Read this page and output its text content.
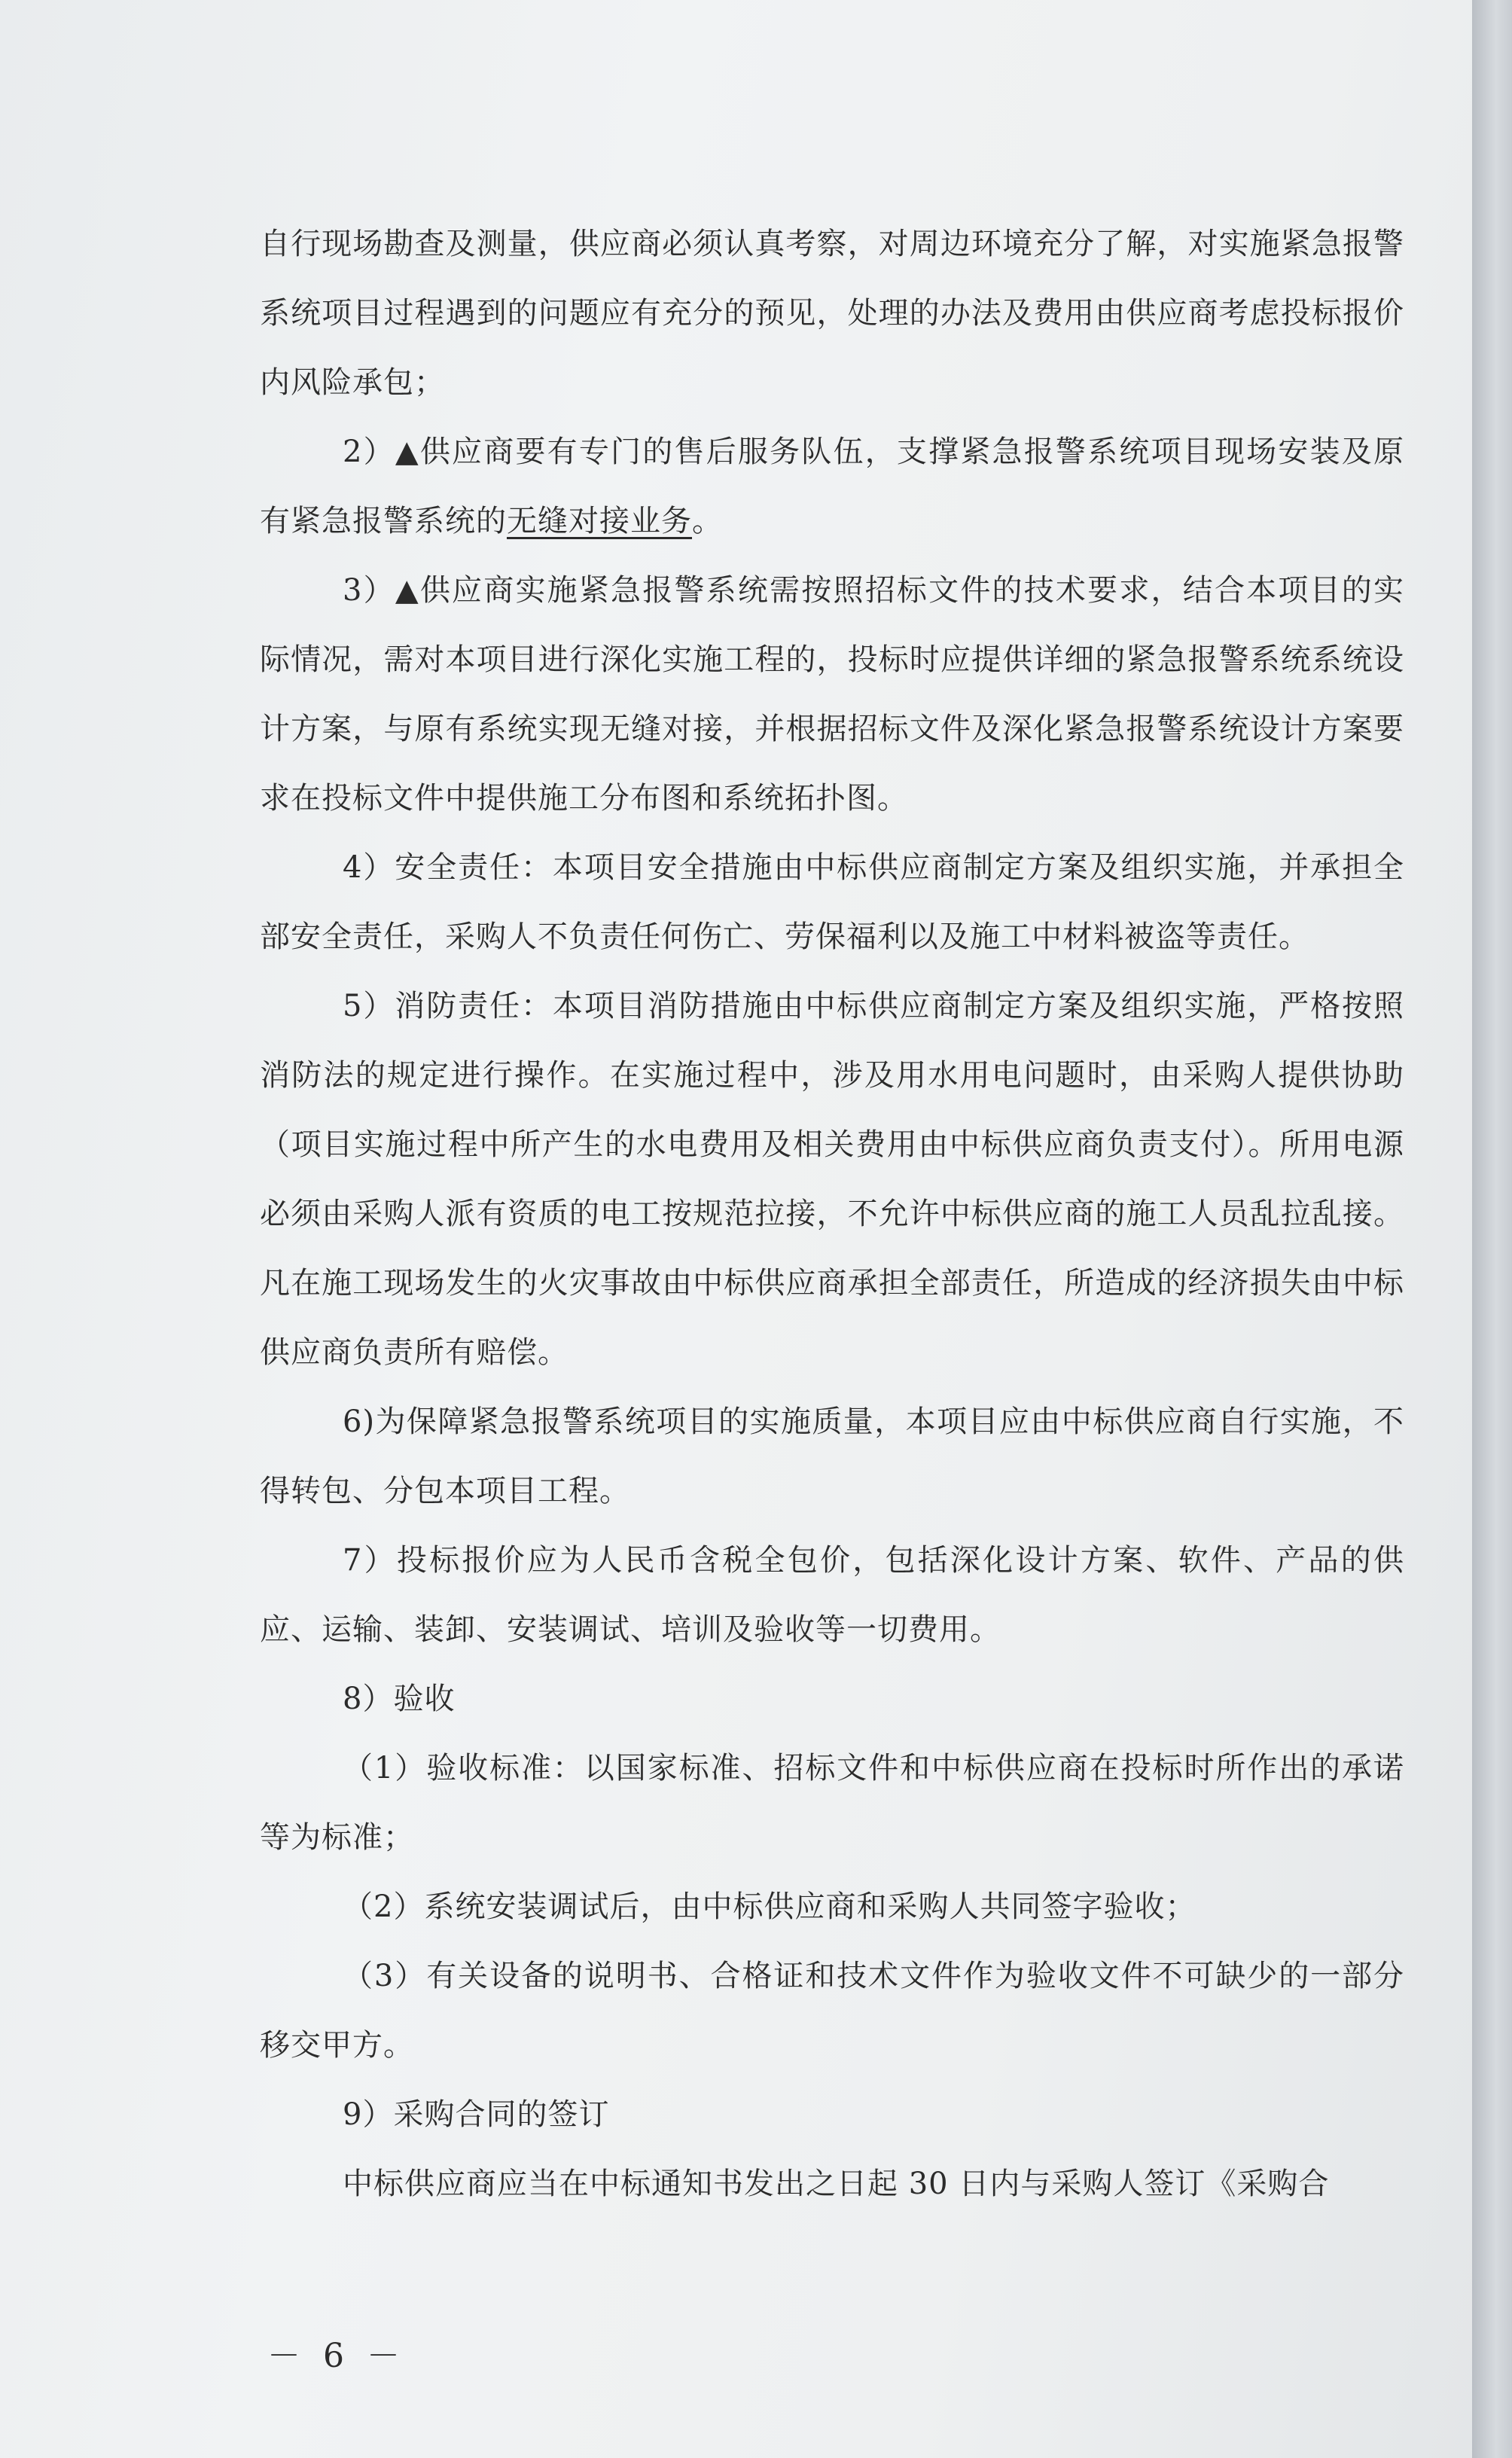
自行现场勘查及测量，供应商必须认真考察，对周边环境充分了解，对实施紧急报警系统项目过程遇到的问题应有充分的预见，处理的办法及费用由供应商考虑投标报价内风险承包；

2）▲供应商要有专门的售后服务队伍，支撑紧急报警系统项目现场安装及原有紧急报警系统的无缝对接业务。

3）▲供应商实施紧急报警系统需按照招标文件的技术要求，结合本项目的实际情况，需对本项目进行深化实施工程的，投标时应提供详细的紧急报警系统系统设计方案，与原有系统实现无缝对接，并根据招标文件及深化紧急报警系统设计方案要求在投标文件中提供施工分布图和系统拓扑图。

4）安全责任：本项目安全措施由中标供应商制定方案及组织实施，并承担全部安全责任，采购人不负责任何伤亡、劳保福利以及施工中材料被盗等责任。

5）消防责任：本项目消防措施由中标供应商制定方案及组织实施，严格按照消防法的规定进行操作。在实施过程中，涉及用水用电问题时，由采购人提供协助（项目实施过程中所产生的水电费用及相关费用由中标供应商负责支付）。所用电源必须由采购人派有资质的电工按规范拉接，不允许中标供应商的施工人员乱拉乱接。凡在施工现场发生的火灾事故由中标供应商承担全部责任，所造成的经济损失由中标供应商负责所有赔偿。

6)为保障紧急报警系统项目的实施质量，本项目应由中标供应商自行实施，不得转包、分包本项目工程。

7）投标报价应为人民币含税全包价，包括深化设计方案、软件、产品的供应、运输、装卸、安装调试、培训及验收等一切费用。

8）验收

（1）验收标准：以国家标准、招标文件和中标供应商在投标时所作出的承诺等为标准；

（2）系统安装调试后，由中标供应商和采购人共同签字验收；

（3）有关设备的说明书、合格证和技术文件作为验收文件不可缺少的一部分移交甲方。

9）采购合同的签订

中标供应商应当在中标通知书发出之日起 30 日内与采购人签订《采购合

－ 6 －
